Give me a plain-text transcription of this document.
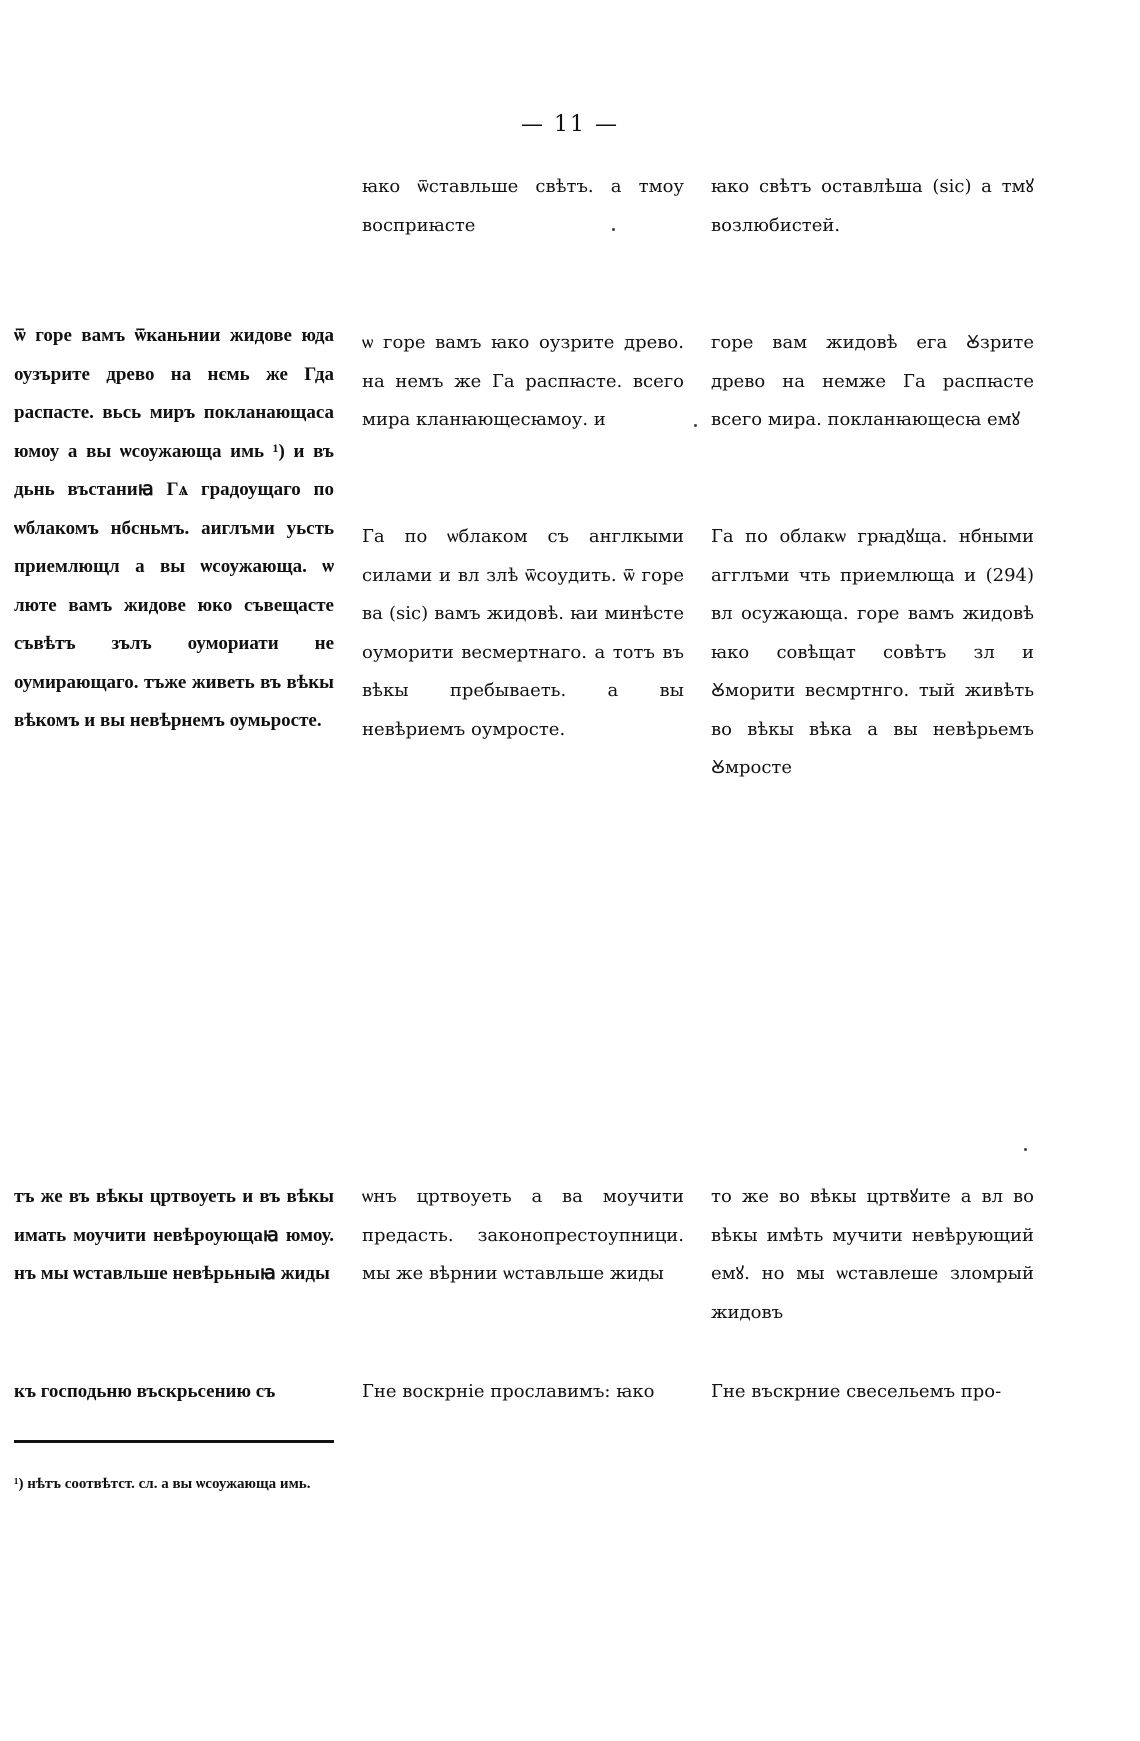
— 11 —

ꙗко ѿставльше свѣтъ. а тмоу восприꙗсте

ꙗко свѣтъ оставлѣша (sic) а тмꙋ возлюбистей.

ѿ горе вамъ ѿканьнии жидове юда оузърите древо на нємь же Гда распасте. вьсь миръ покланающаса юмоу а вы ѡсоужающа имь ¹) и въ дьнь въстаниꙗ Гѧ градоущаго по ѡблакомъ нбсньмъ. аиглъми уьсть приемлющл а вы ѡсоужающа. ѡ люте вамъ жидове юко съвещасте съвѣтъ зълъ оумориати не оумирающаго. тъже живеть въ вѣкы вѣкомъ и вы невѣрнемъ оумьросте.

ѡ горе вамъ ꙗко оузрите древо. на немъ же Га распꙗсте. всего мира кланꙗющесꙗмоу. и

горе вам жидовѣ ега Ꙋзрите древо на немже Га распꙗсте всего мира. покланꙗющесꙗ емꙋ

Га по ѡблаком съ англкыми силами и вл злѣ ѿсоудить. ѿ горе ва (sic) вамъ жидовѣ. ꙗи минѣсте оуморити весмертнаго. а тотъ въ вѣкы пребываеть. а вы невѣриемъ оумросте.

Га по облакѡ грꙗдꙋща. нбными агглъми чть приемлюща и (294) вл осужающа. горе вамъ жидовѣ ꙗко совѣщат совѣтъ зл и Ꙋморити весмртнго. тый живѣть во вѣкы вѣка а вы невѣрьемъ Ꙋмросте

тъ же въ вѣкы цртвоуеть и въ вѣкы имать моучити невѣроующаꙗ юмоу. нъ мы ѡставльше невѣрьныꙗ жиды

ѡнъ цртвоуеть а ва моучити предасть. законопрестоупници. мы же вѣрнии ѡставльше жиды

то же во вѣкы цртвꙋите а вл во вѣкы имѣть мучити невѣрующий емꙋ. но мы ѡставлеше зломрый жидовъ

къ господьню въскрьсению съ	Гне воскрніе прославимъ: ꙗко	Гне въскрние свесельемъ про-

¹) нѣтъ соотвѣтст. сл. а вы ѡсоужающа имь.
